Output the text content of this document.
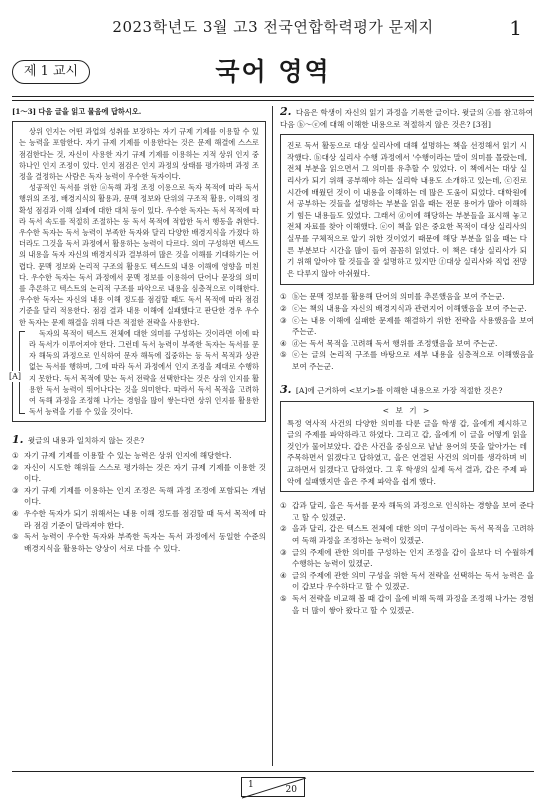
2023학년도 3월 고3 전국연합학력평가 문제지	1
제 1 교시	국어 영역
[1～3] 다음 글을 읽고 물음에 답하시오.

상위 인지는 어떤 과업의 성취를 보장하는 자기 규제 기제를 이용할 수 있는 능력을 포함한다. 자기 규제 기제를 이용한다는 것은 문제 해결에 스스로 점검한다는 것, 자신이 사용한 자기 규제 기제를 이용하는 지적 상위 인지 중 하나인 인지 조정이 있다. 인지 점검은 인지 과정의 상태를 평가하며 과정 조정을 결정하는 사람은 독자 능력이 우수한 독자이다.

성공적인 독서를 위한 ⓐ독해 과정 조정 이용으로 독자 목적에 따라 독서 행위의 조정, 배경지식의 활용과, 문맥 정보와 단위의 구조적 활용, 이해의 정확성 점검과 이해 실패에 대한 대처 등이 있다. 우수한 독자는 독서 목적에 따라 독서 속도를 적절히 조절하는 등 독서 목적에 적합한 독서 행동을 취한다. 우수한 독자는 독서 능력이 부족한 독자와 달리 다양한 배경지식을 가졌다 하더라도 그것을 독서 과정에서 활용하는 능력이 다르다. 의미 구성하면 텍스트의 내용을 독자 자신의 배경지식과 결부하여 많은 것을 이해를 기대하기는 어렵다. 문맥 정보와 논리적 구조의 활용도 텍스트의 내용 이해에 영향을 미친다. 우수한 독자는 독서 과정에서 문맥 정보를 이용하여 단어나 문장의 의미를 추론하고 텍스트의 논리적 구조를 파악으로 내용을 심층적으로 이해한다. 우수한 독자는 자신의 내용 이해 정도를 점검할 때도 독서 목적에 따라 점검 기준을 달리 적용한다. 점검 결과 내용 이해에 실패했다고 판단한 경우 우수한 독자는 문제 해결을 위해 다른 적절한 전략을 사용한다.

[A]

독자의 목적이 텍스트 전체에 대한 의미를 구성하는 것이라면 이에 따라 독서가 이루어져야 한다. 그런데 독서 능력이 부족한 독자는 독서를 문자 해독의 과정으로 인식하여 문자 해독에 집중하는 등 독서 목적과 상관없는 독서를 행하며, 그에 따라 독서 과정에서 인지 조정을 제대로 수행하지 못한다. 독서 목적에 맞는 독서 전략을 선택한다는 것은 상위 인지를 활용한 독서 능력이 뛰어나다는 것을 의미한다. 따라서 독서 목적을 고려하여 독해 과정을 조정해 나가는 경험을 많이 쌓는다면 상위 인지를 활용한 독서 능력을 기를 수 있을 것이다.

1. 윗글의 내용과 일치하지 않는 것은?
① 자기 규제 기제를 이용할 수 있는 능력은 상위 인지에 해당한다.
② 자신이 시도한 해위들 스스로 평가하는 것은 자기 규제 기제를 이용한 것이다.
③ 자기 규제 기제를 이용하는 인지 조정은 독해 과정 조정에 포함되는 개념이다.
④ 우수한 독자가 되기 위해서는 내용 이해 정도를 점검할 때 독서 목적에 따라 점검 기준이 달라져야 한다.
⑤ 독서 능력이 우수한 독자와 부족한 독자는 독서 과정에서 동일한 수준의 배경지식을 활용하는 양상이 서로 다를 수 있다.
2. 다음은 학생이 자신의 읽기 과정을 기록한 글이다. 윗글의 ⓐ를 참고하여 다음 ⓑ～ⓔ에 대해 이해한 내용으로 적절하지 않은 것은? [3점]
진로 독서 활동으로 대상 실리사에 대해 설명하는 책을 선정해서 읽기 시작했다. ⓑ대상 실리사 수행 과정에서 '수행이라는 말이 의미를 몰랐는데, 전체 부분을 읽으면서 그 의미를 유추할 수 있었다. 이 책에서는 대상 실리사가 되기 위해 공부해야 하는 실리학 내용도 소개하고 있는데, ⓒ진로 시간에 배웠던 것이 이 내용을 이해하는 데 많은 도움이 되었다. 대학원에서 공부하는 것들을 설명하는 부분을 읽을 때는 전문 용어가 많아 이해하기 힘든 내용들도 있었다. 그래서 ⓓ이에 해당하는 부분들을 표시해 놓고 전체 자료를 찾아 이해했다. ⓔ이 책을 읽은 중요한 목적이 대상 실리사의 실무를 구체적으로 알기 위한 것이었기 때문에 해당 부분을 읽을 때는 다른 부분보다 시간을 많이 들여 꼼꼼히 읽었다. 이 책은 대상 실리사가 되기 위해 알아야 할 것들을 잘 설명하고 있지만 ⓕ대상 실리사와 직업 전망은 다루지 않아 아쉬웠다.
① ⓑ는 문맥 정보를 활용해 단어의 의미를 추론했음을 보여 주는군.
② ⓒ는 책의 내용을 자신의 배경지식과 관련지어 이해했음을 보여 주는군.
③ ⓒ는 내용 이해에 실패한 문제를 해결하기 위한 전략을 사용했음을 보여 주는군.
④ ⓓ는 독서 목적을 고려해 독서 행위를 조정했음을 보여 주는군.
⑤ ⓔ는 글의 논리적 구조를 바탕으로 세부 내용을 심층적으로 이해했음을 보여 주는군.
3. [A]에 근거하여 <보기>를 이해한 내용으로 가장 적절한 것은?
< 보 기 >
특정 역사적 사건의 다양한 의미를 다룬 글을 학생 갑, 을에게 제시하고 글의 주제를 파악하라고 하였다. 그리고 갑, 을에게 이 글을 어떻게 읽을 것인가 물어보았다. 갑은 사건을 중심으로 낱낱 용어의 뜻을 알아가는 데 주목하면서 읽겠다고 답하였고, 을은 연결된 사건의 의미를 생각하며 비교하면서 읽겠다고 답하였다. 그 후 학생의 실제 독서 결과, 갑은 주제 파악에 실패했지만 을은 주제 파악을 쉽게 했다.
① 갑과 달리, 을은 독서를 문자 해독의 과정으로 인식하는 경향을 보여 준다고 할 수 있겠군.
② 을과 달리, 갑은 텍스트 전체에 대한 의미 구성이라는 독서 목적을 고려하여 독해 과정을 조정하는 능력이 있겠군.
③ 글의 주제에 관한 의미를 구성하는 인지 조정을 갑이 을보다 더 수월하게 수행하는 능력이 있겠군.
④ 글의 주제에 관한 의미 구성을 위한 독서 전략을 선택하는 독서 능력은 을이 갑보다 우수하다고 할 수 있겠군.
⑤ 독서 전략을 비교해 볼 때 갑이 을에 비해 독해 과정을 조정해 나가는 경험을 더 많이 쌓아 왔다고 할 수 있겠군.
1	20
